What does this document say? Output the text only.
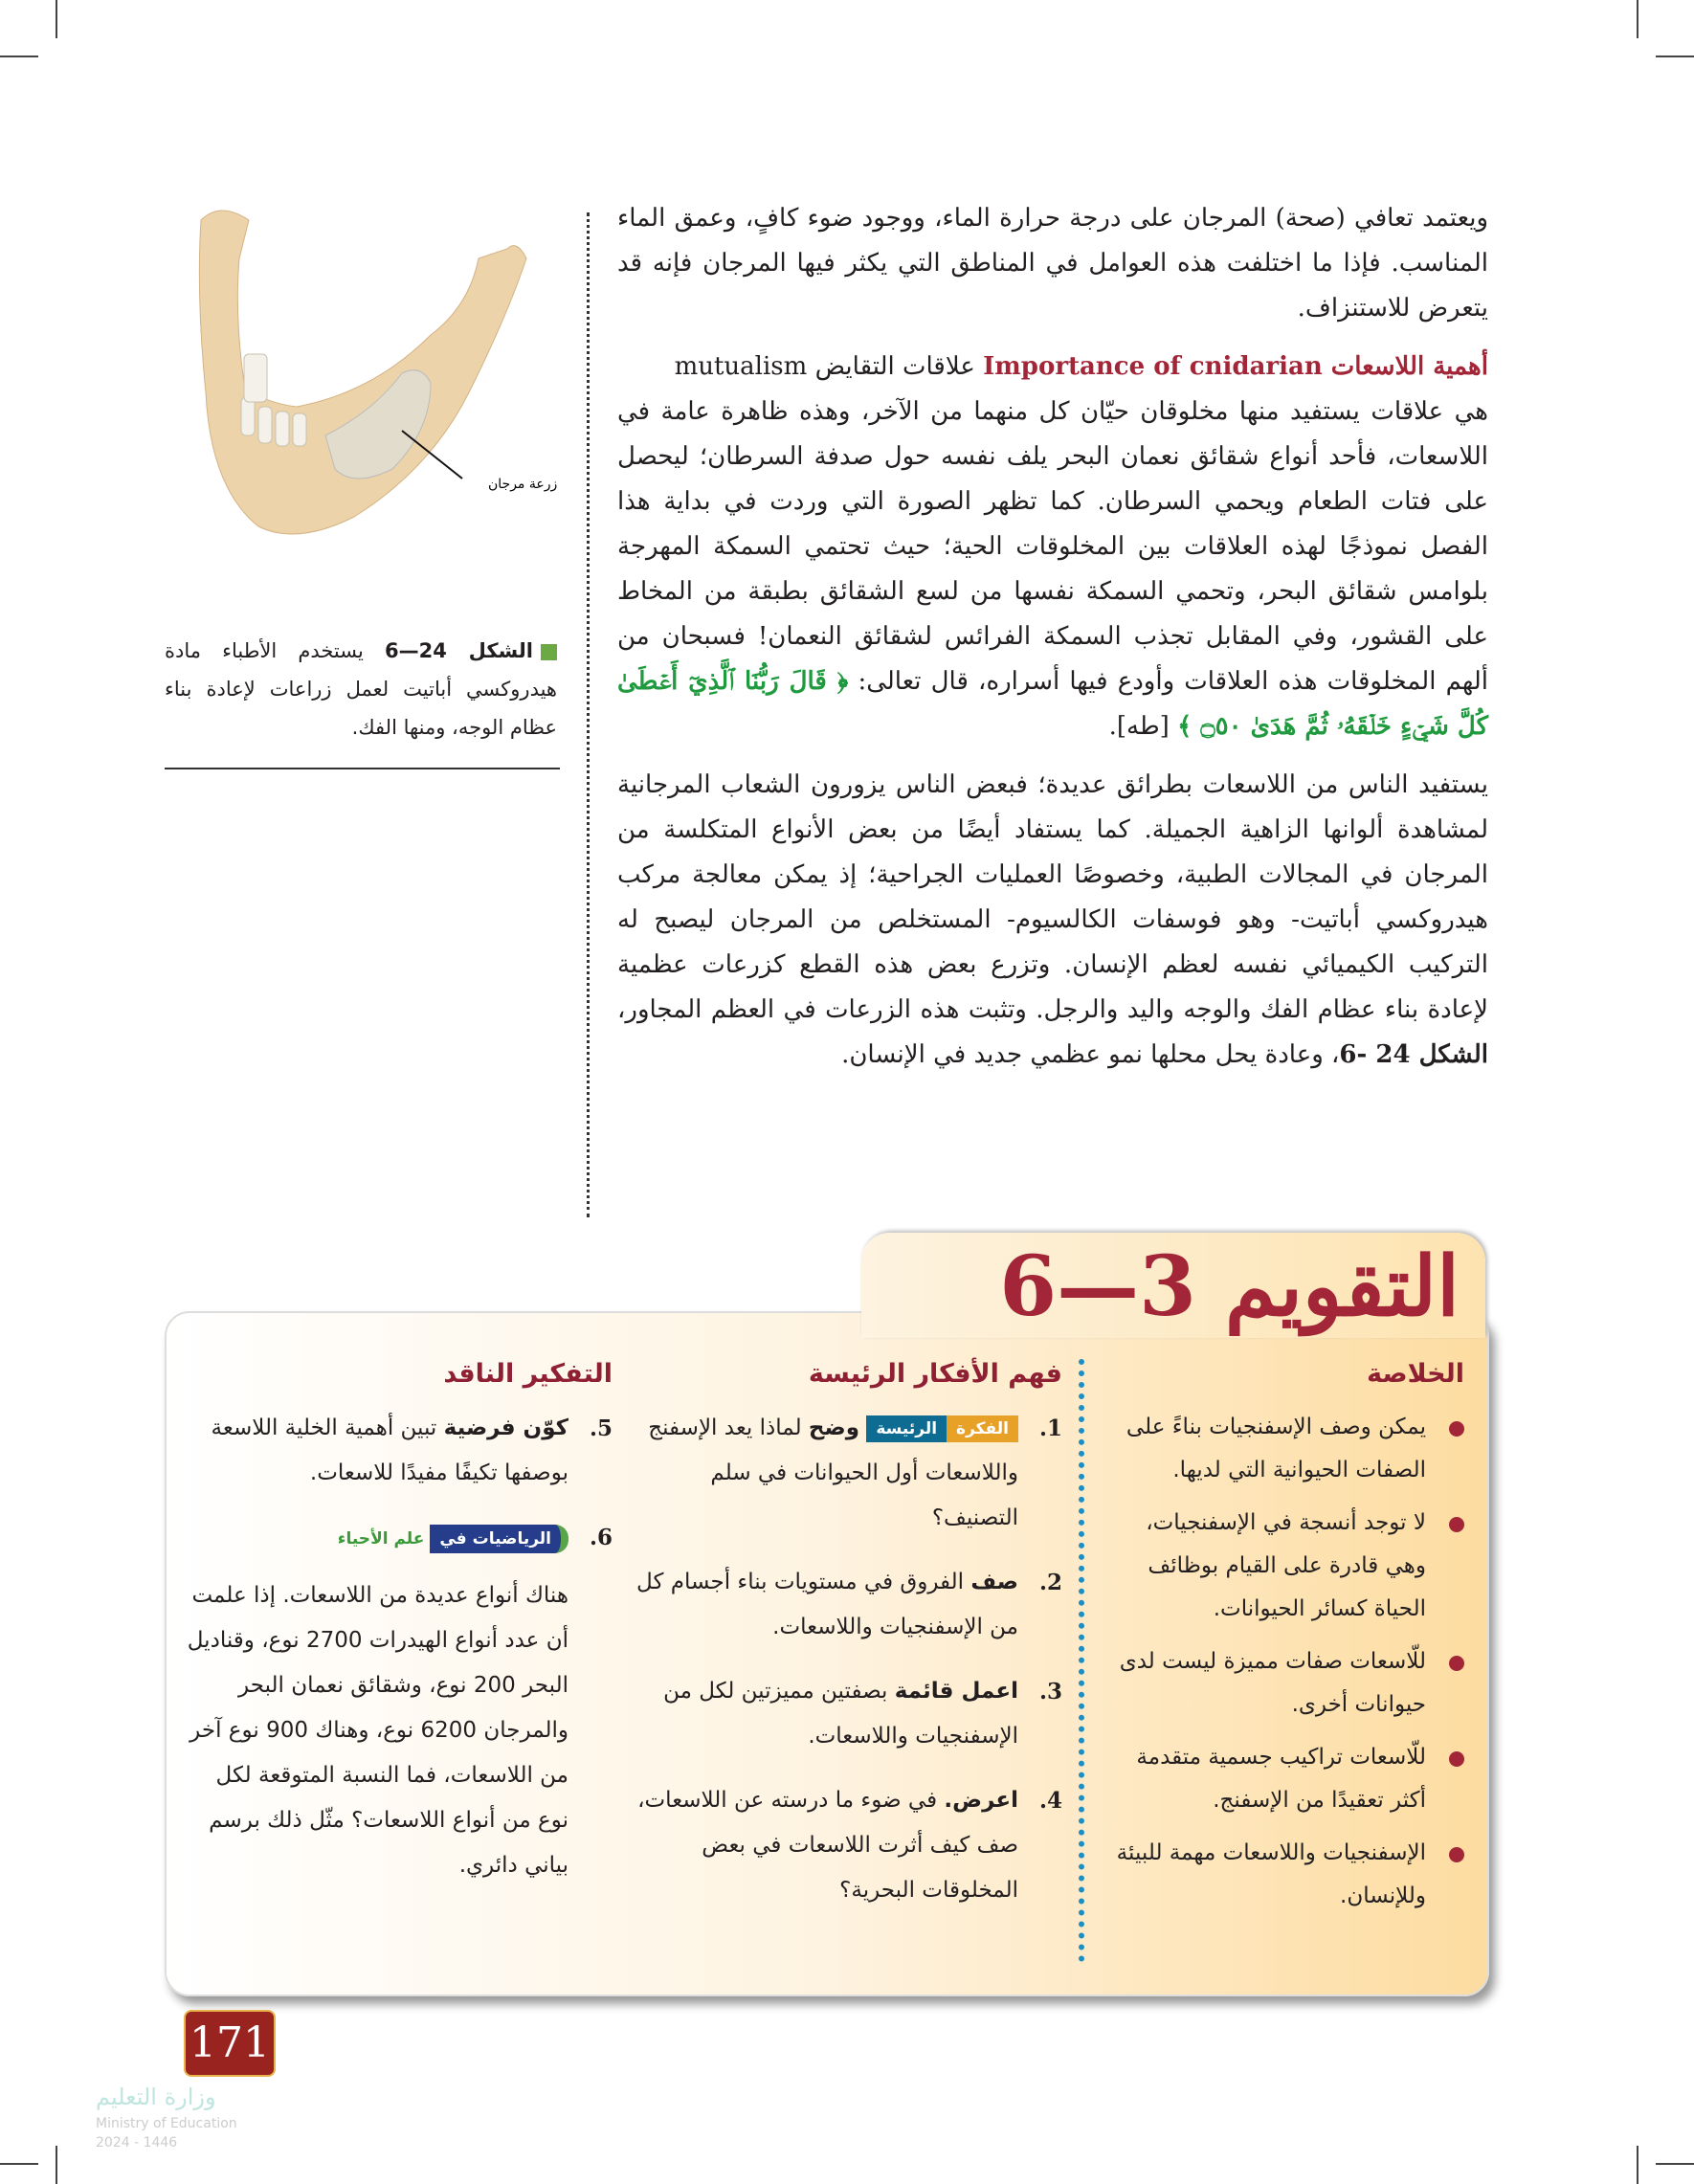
ويعتمد تعافي (صحة) المرجان على درجة حرارة الماء، ووجود ضوء كافٍ، وعمق الماء المناسب. فإذا ما اختلفت هذه العوامل في المناطق التي يكثر فيها المرجان فإنه قد يتعرض للاستنزاف.

أهمية اللاسعات Importance of cnidarian علاقات التقايض mutualism
هي علاقات يستفيد منها مخلوقان حيّان كل منهما من الآخر، وهذه ظاهرة عامة في اللاسعات، فأحد أنواع شقائق نعمان البحر يلف نفسه حول صدفة السرطان؛ ليحصل على فتات الطعام ويحمي السرطان. كما تظهر الصورة التي وردت في بداية هذا الفصل نموذجًا لهذه العلاقات بين المخلوقات الحية؛ حيث تحتمي السمكة المهرجة بلوامس شقائق البحر، وتحمي السمكة نفسها من لسع الشقائق بطبقة من المخاط على القشور، وفي المقابل تجذب السمكة الفرائس لشقائق النعمان! فسبحان من ألهم المخلوقات هذه العلاقات وأودع فيها أسراره، قال تعالى: ﴿ قَالَ رَبُّنَا ٱلَّذِيٓ أَعۡطَىٰ كُلَّ شَيۡءٍ خَلۡقَهُۥ ثُمَّ هَدَىٰ ۝٥٠ ﴾ [طه].

يستفيد الناس من اللاسعات بطرائق عديدة؛ فبعض الناس يزورون الشعاب المرجانية لمشاهدة ألوانها الزاهية الجميلة. كما يستفاد أيضًا من بعض الأنواع المتكلسة من المرجان في المجالات الطبية، وخصوصًا العمليات الجراحية؛ إذ يمكن معالجة مركب هيدروكسي أباتيت- وهو فوسفات الكالسيوم- المستخلص من المرجان ليصبح له التركيب الكيميائي نفسه لعظم الإنسان. وتزرع بعض هذه القطع كزرعات عظمية لإعادة بناء عظام الفك والوجه واليد والرجل. وتثبت هذه الزرعات في العظم المجاور، الشكل 24 -6، وعادة يحل محلها نمو عظمي جديد في الإنسان.

زرعة مرجان
الشكل 24—6 يستخدم الأطباء مادة هيدروكسي أباتيت لعمل زراعات لإعادة بناء عظام الوجه، ومنها الفك.
التقويم 3—6
الخلاصة
يمكن وصف الإسفنجيات بناءً على الصفات الحيوانية التي لديها.
لا توجد أنسجة في الإسفنجيات، وهي قادرة على القيام بوظائف الحياة كسائر الحيوانات.
للّاسعات صفات مميزة ليست لدى حيوانات أخرى.
للّاسعات تراكيب جسمية متقدمة أكثر تعقيدًا من الإسفنج.
الإسفنجيات واللاسعات مهمة للبيئة وللإنسان.
فهم الأفكار الرئيسة
1.
الفكرة
الرئيسة
وضح لماذا يعد الإسفنج واللاسعات أول الحيوانات في سلم التصنيف؟
2.
صف الفروق في مستويات بناء أجسام كل من الإسفنجيات واللاسعات.
3.
اعمل قائمة بصفتين مميزتين لكل من الإسفنجيات واللاسعات.
4.
اعرض. في ضوء ما درسته عن اللاسعات، صف كيف أثرت اللاسعات في بعض المخلوقات البحرية؟
التفكير الناقد
5.
كوّن فرضية تبين أهمية الخلية اللاسعة بوصفها تكيفًا مفيدًا للاسعات.
6.
الرياضيات في
علم الأحياء
هناك أنواع عديدة من اللاسعات. إذا علمت أن عدد أنواع الهيدرات 2700 نوع، وقناديل البحر 200 نوع، وشقائق نعمان البحر والمرجان 6200 نوع، وهناك 900 نوع آخر من اللاسعات، فما النسبة المتوقعة لكل نوع من أنواع اللاسعات؟ مثّل ذلك برسم بياني دائري.
171
وزارة التعليم
Ministry of Education
2024 - 1446
